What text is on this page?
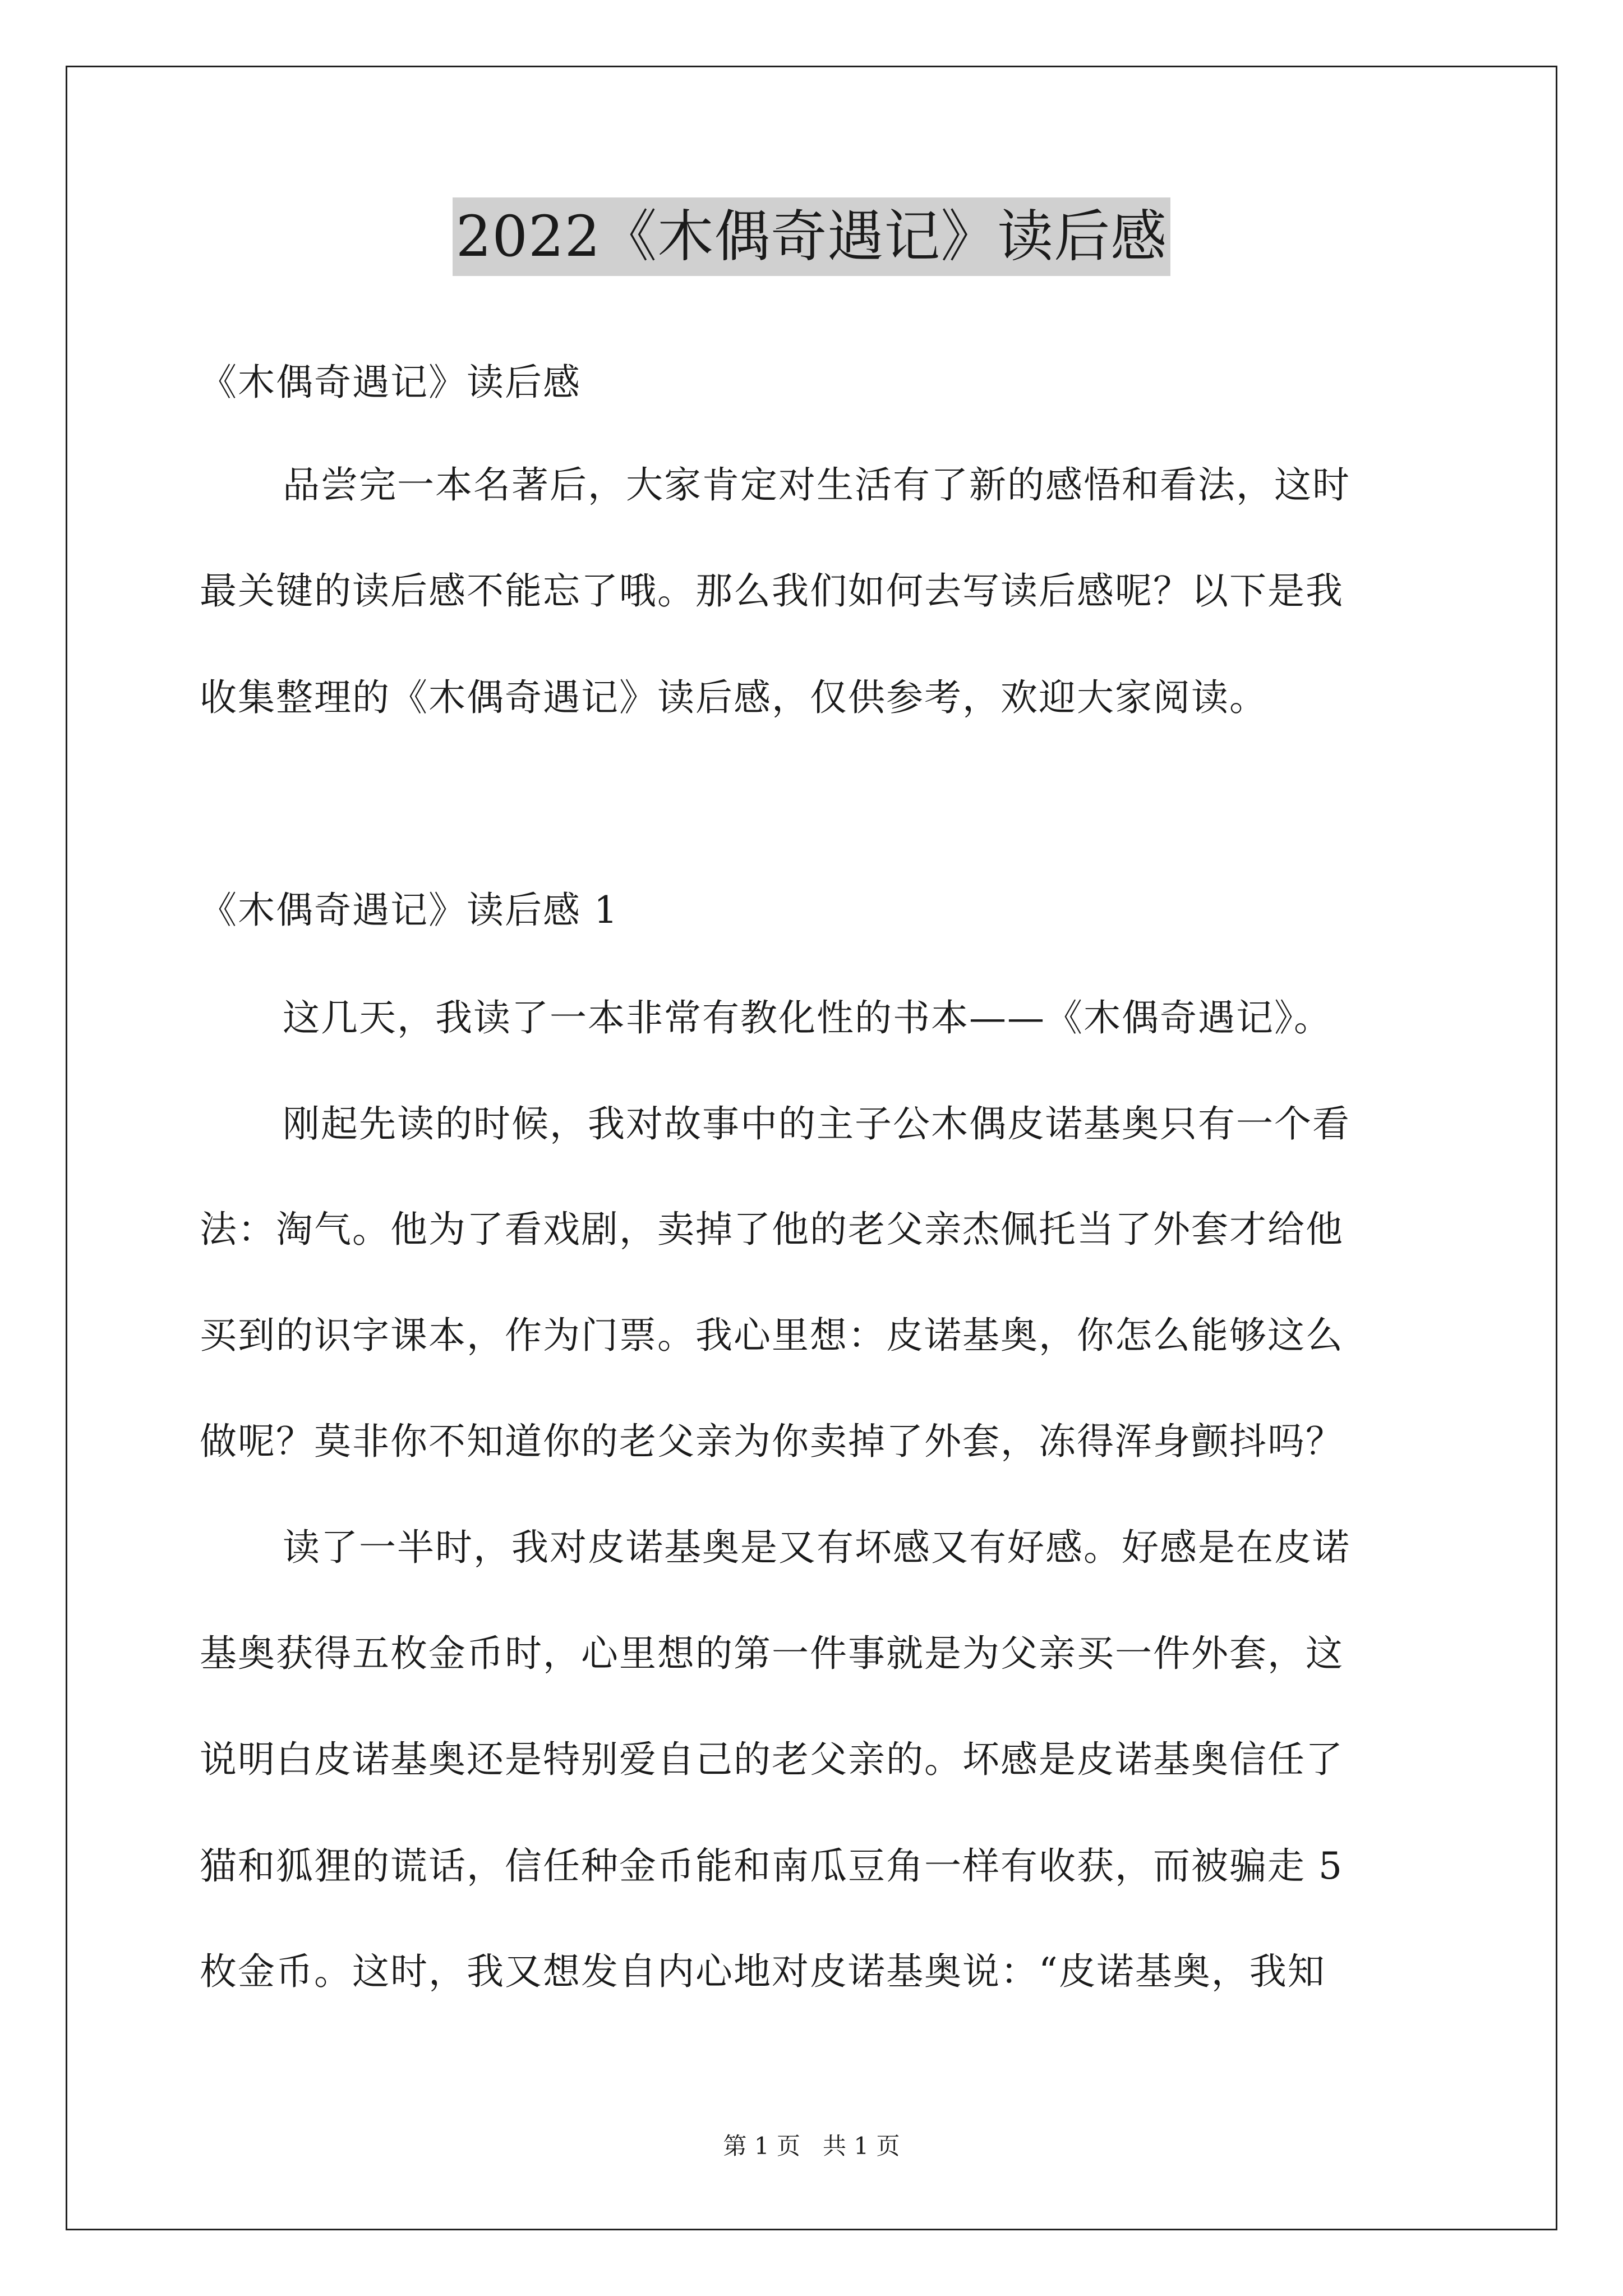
2022《木偶奇遇记》读后感
《木偶奇遇记》读后感
品尝完一本名著后，大家肯定对生活有了新的感悟和看法，这时
最关键的读后感不能忘了哦。那么我们如何去写读后感呢？以下是我
收集整理的《木偶奇遇记》读后感，仅供参考，欢迎大家阅读。
《木偶奇遇记》读后感 1
这几天，我读了一本非常有教化性的书本——《木偶奇遇记》。
刚起先读的时候，我对故事中的主子公木偶皮诺基奥只有一个看
法：淘气。他为了看戏剧，卖掉了他的老父亲杰佩托当了外套才给他
买到的识字课本，作为门票。我心里想：皮诺基奥，你怎么能够这么
做呢？莫非你不知道你的老父亲为你卖掉了外套，冻得浑身颤抖吗？
读了一半时，我对皮诺基奥是又有坏感又有好感。好感是在皮诺
基奥获得五枚金币时，心里想的第一件事就是为父亲买一件外套，这
说明白皮诺基奥还是特别爱自己的老父亲的。坏感是皮诺基奥信任了
猫和狐狸的谎话，信任种金币能和南瓜豆角一样有收获，而被骗走 5
枚金币。这时，我又想发自内心地对皮诺基奥说：“皮诺基奥，我知
第 1 页   共 1 页
